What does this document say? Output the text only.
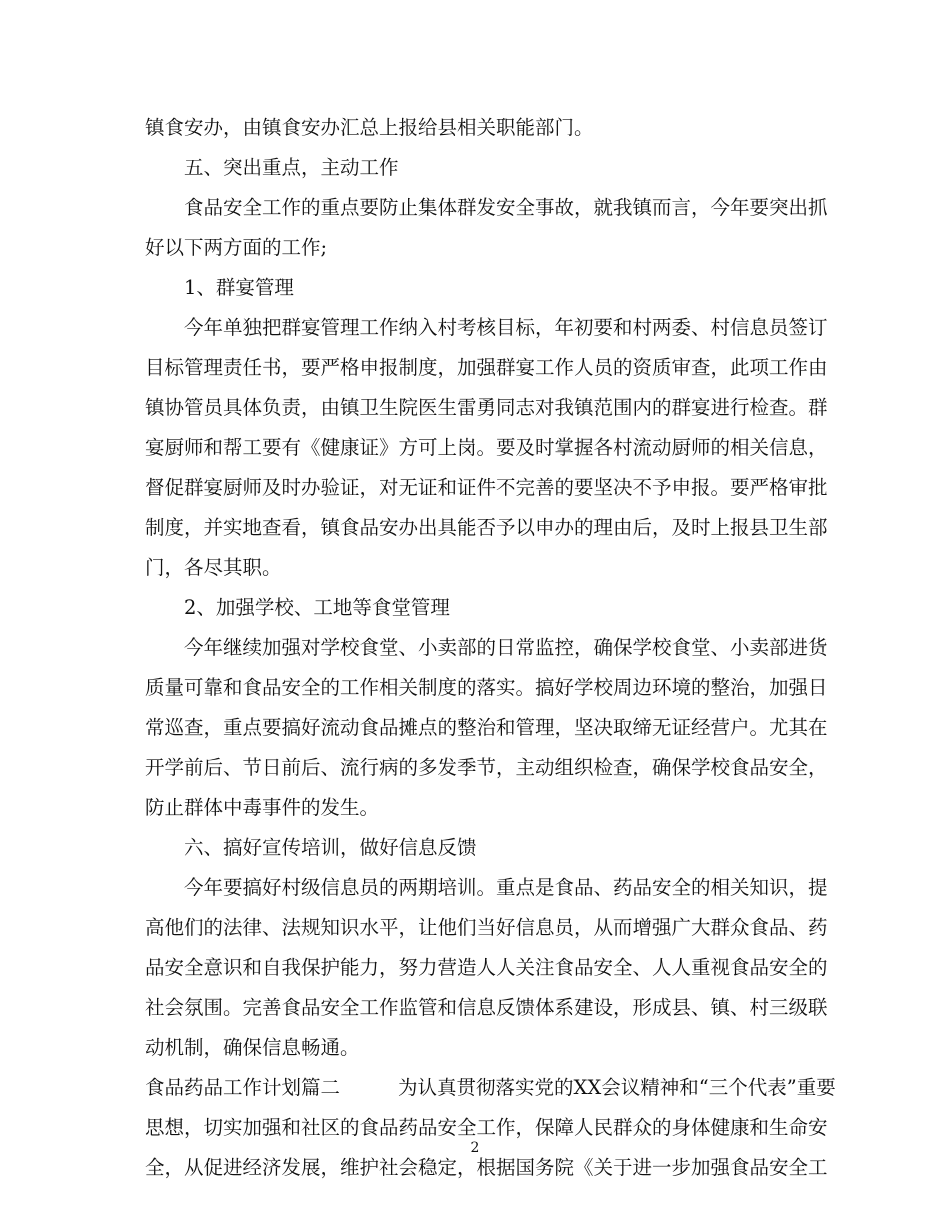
镇食安办，由镇食安办汇总上报给县相关职能部门。
五、突出重点，主动工作
食品安全工作的重点要防止集体群发安全事故，就我镇而言，今年要突出抓
好以下两方面的工作;
1、群宴管理
今年单独把群宴管理工作纳入村考核目标，年初要和村两委、村信息员签订
目标管理责任书，要严格申报制度，加强群宴工作人员的资质审查，此项工作由
镇协管员具体负责，由镇卫生院医生雷勇同志对我镇范围内的群宴进行检查。群
宴厨师和帮工要有《健康证》方可上岗。要及时掌握各村流动厨师的相关信息，
督促群宴厨师及时办验证，对无证和证件不完善的要坚决不予申报。要严格审批
制度，并实地查看，镇食品安办出具能否予以申办的理由后，及时上报县卫生部
门，各尽其职。
2、加强学校、工地等食堂管理
今年继续加强对学校食堂、小卖部的日常监控，确保学校食堂、小卖部进货
质量可靠和食品安全的工作相关制度的落实。搞好学校周边环境的整治，加强日
常巡查，重点要搞好流动食品摊点的整治和管理，坚决取缔无证经营户。尤其在
开学前后、节日前后、流行病的多发季节，主动组织检查，确保学校食品安全，
防止群体中毒事件的发生。
六、搞好宣传培训，做好信息反馈
今年要搞好村级信息员的两期培训。重点是食品、药品安全的相关知识，提
高他们的法律、法规知识水平，让他们当好信息员，从而增强广大群众食品、药
品安全意识和自我保护能力，努力营造人人关注食品安全、人人重视食品安全的
社会氛围。完善食品安全工作监管和信息反馈体系建设，形成县、镇、村三级联
动机制，确保信息畅通。
食品药品工作计划篇二	为认真贯彻落实党的XX会议精神和“三个代表”重要
思想，切实加强和社区的食品药品安全工作，保障人民群众的身体健康和生命安
全，从促进经济发展，维护社会稳定，根据国务院《关于进一步加强食品安全工
2
